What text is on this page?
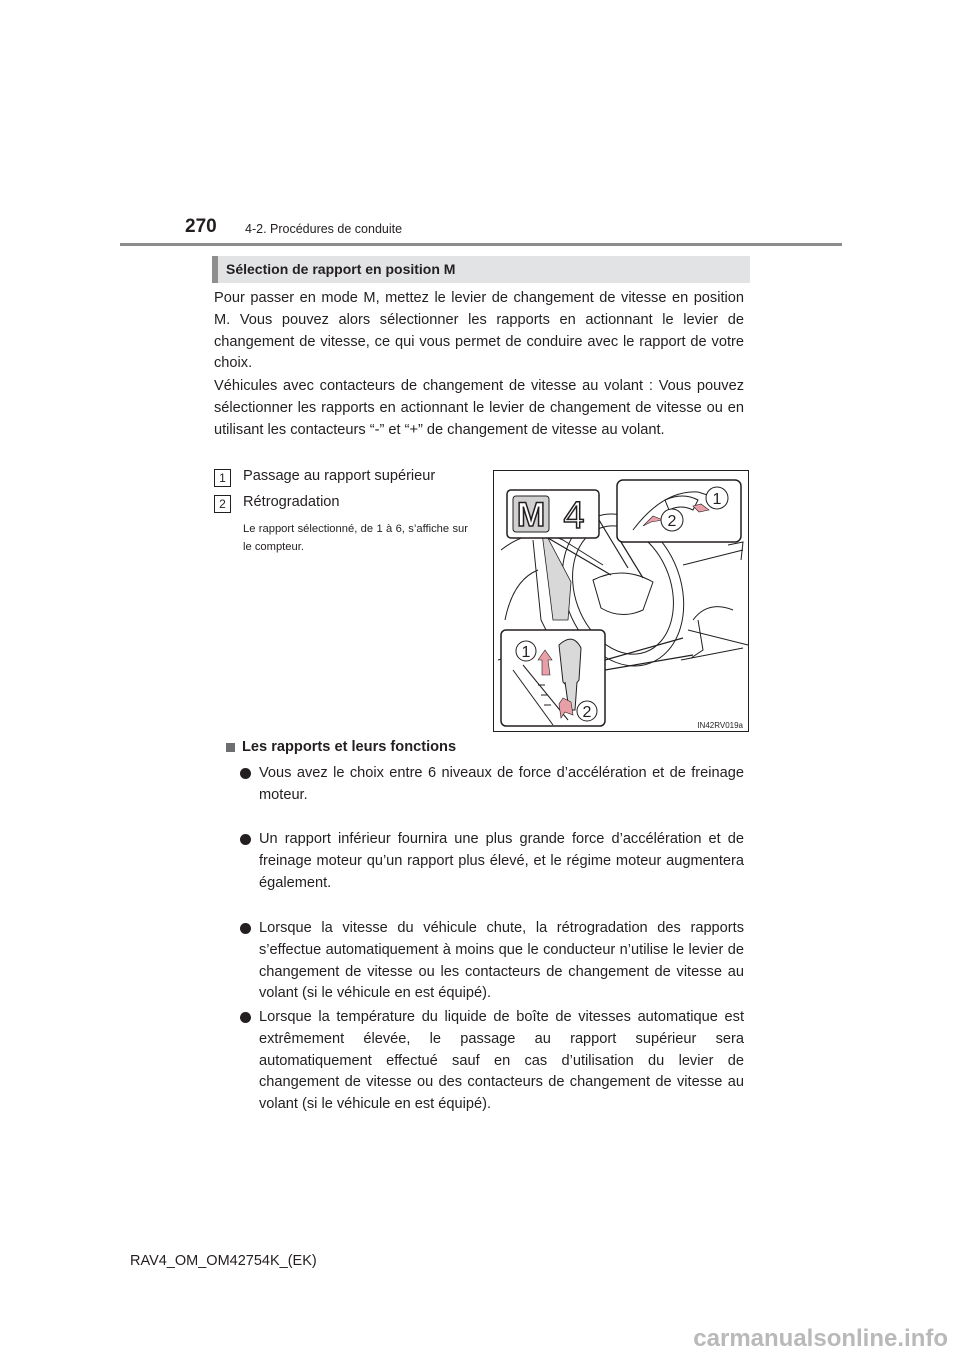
270 4-2. Procédures de conduite
Sélection de rapport en position M
Pour passer en mode M, mettez le levier de changement de vitesse en position M. Vous pouvez alors sélectionner les rapports en actionnant le levier de changement de vitesse, ce qui vous permet de conduire avec le rapport de votre choix.
Véhicules avec contacteurs de changement de vitesse au volant : Vous pouvez sélectionner les rapports en actionnant le levier de changement de vitesse ou en utilisant les contacteurs “-” et “+” de changement de vitesse au volant.
1	Passage au rapport supérieur
2	Rétrogradation
Le rapport sélectionné, de 1 à 6, s’affiche sur le compteur.
M 4	1
2
1
2
IN42RV019a
Les rapports et leurs fonctions
Vous avez le choix entre 6 niveaux de force d’accélération et de freinage moteur.
Un rapport inférieur fournira une plus grande force d’accélération et de freinage moteur qu’un rapport plus élevé, et le régime moteur augmentera également.
Lorsque la vitesse du véhicule chute, la rétrogradation des rapports s’effectue automatiquement à moins que le conducteur n’utilise le levier de changement de vitesse ou les contacteurs de changement de vitesse au volant (si le véhicule en est équipé).
Lorsque la température du liquide de boîte de vitesses automatique est extrêmement élevée, le passage au rapport supérieur sera automatiquement effectué sauf en cas d’utilisation du levier de changement de vitesse ou des contacteurs de changement de vitesse au volant (si le véhicule en est équipé).
RAV4_OM_OM42754K_(EK)
carmanualsonline.info
